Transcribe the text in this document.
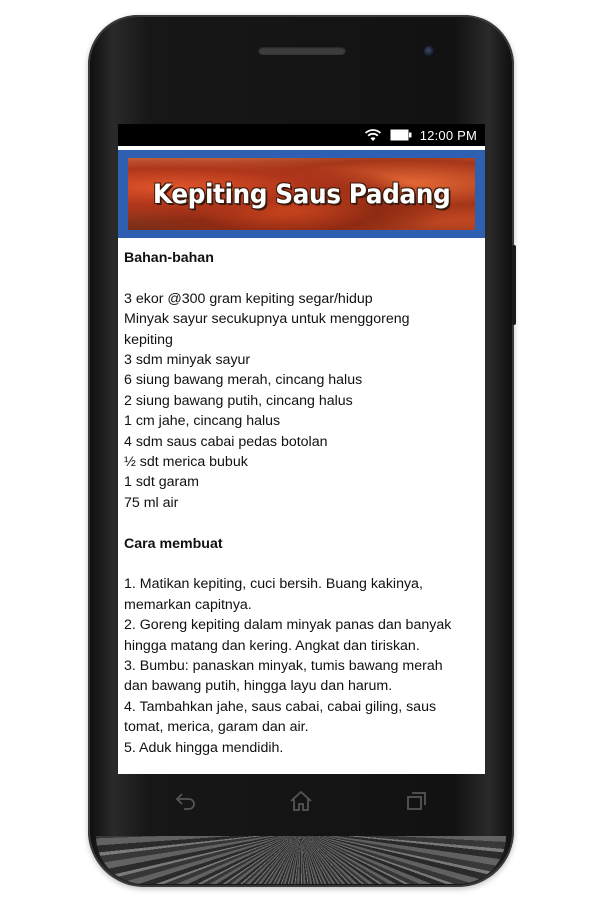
12:00 PM
Kepiting Saus Padang
Bahan-bahan
3 ekor @300 gram kepiting segar/hidup
Minyak sayur secukupnya untuk menggoreng
kepiting
3 sdm minyak sayur
6 siung bawang merah, cincang halus
2 siung bawang putih, cincang halus
1 cm jahe, cincang halus
4 sdm saus cabai pedas botolan
½ sdt merica bubuk
1 sdt garam
75 ml air
Cara membuat
1. Matikan kepiting, cuci bersih. Buang kakinya,
memarkan capitnya.
2. Goreng kepiting dalam minyak panas dan banyak
hingga matang dan kering. Angkat dan tiriskan.
3. Bumbu: panaskan minyak, tumis bawang merah
dan bawang putih, hingga layu dan harum.
4. Tambahkan jahe, saus cabai, cabai giling, saus
tomat, merica, garam dan air.
5. Aduk hingga mendidih.
